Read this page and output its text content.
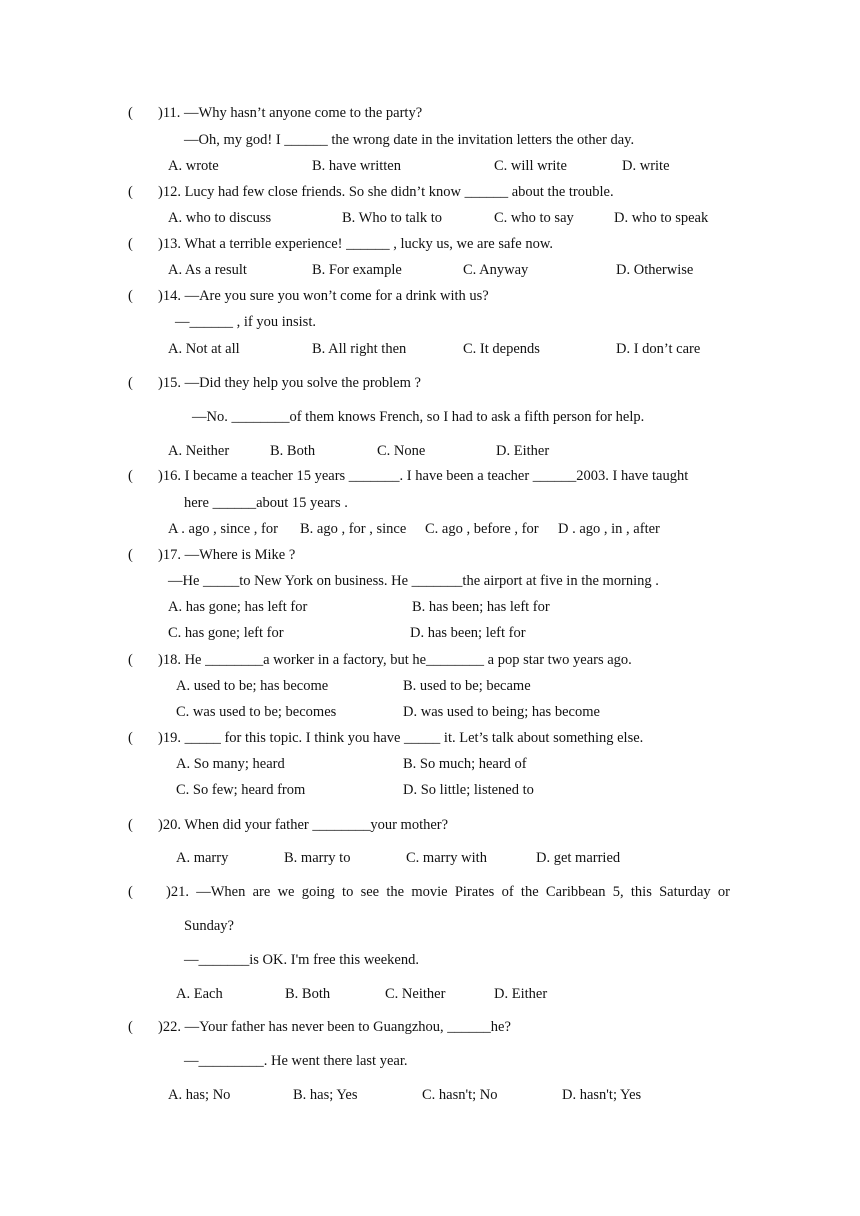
( )11. —Why hasn’t anyone come to the party?
—Oh, my god! I ______ the wrong date in the invitation letters the other day.
A. wrote	B. have written	C. will write	D. write
( )12. Lucy had few close friends. So she didn’t know ______ about the trouble.
A. who to discuss	B. Who to talk to	C. who to say	D. who to speak
( )13. What a terrible experience! ______ , lucky us, we are safe now.
A. As a result	B. For example	C. Anyway	D. Otherwise
( )14. —Are you sure you won’t come for a drink with us?
—______ , if you insist.
A. Not at all	B. All right then	C. It depends	D. I don’t care
( )15. —Did they help you solve the problem ?
—No. ________of them knows French, so I had to ask a fifth person for help.
A. Neither	B. Both	C. None	D. Either
( )16. I became a teacher 15 years _______. I have been a teacher ______2003. I have taught
here ______about 15 years .
A . ago , since , for B. ago , for , since C. ago , before , for D . ago , in , after
( )17. —Where is Mike ?
—He _____to New York on business. He _______the airport at five in the morning .
A. has gone; has left for	B. has been; has left for
C. has gone; left for	D. has been; left for
( )18. He ________a worker in a factory, but he________ a pop star two years ago.
A. used to be; has become	B. used to be; became
C. was used to be; becomes	D. was used to being; has become
( )19. _____ for this topic. I think you have _____ it. Let’s talk about something else.
A. So many; heard	B. So much; heard of
C. So few; heard from	D. So little; listened to
( )20. When did your father ________your mother?
A. marry	B. marry to	C. marry with	D. get married
( )21. —When are we going to see the movie Pirates of the Caribbean 5, this Saturday or
Sunday?
—_______is OK. I'm free this weekend.
A. Each	B. Both	C. Neither	D. Either
( )22. —Your father has never been to Guangzhou, ______he?
—_________. He went there last year.
A. has; No	B. has; Yes	C. hasn't; No	D. hasn't; Yes
